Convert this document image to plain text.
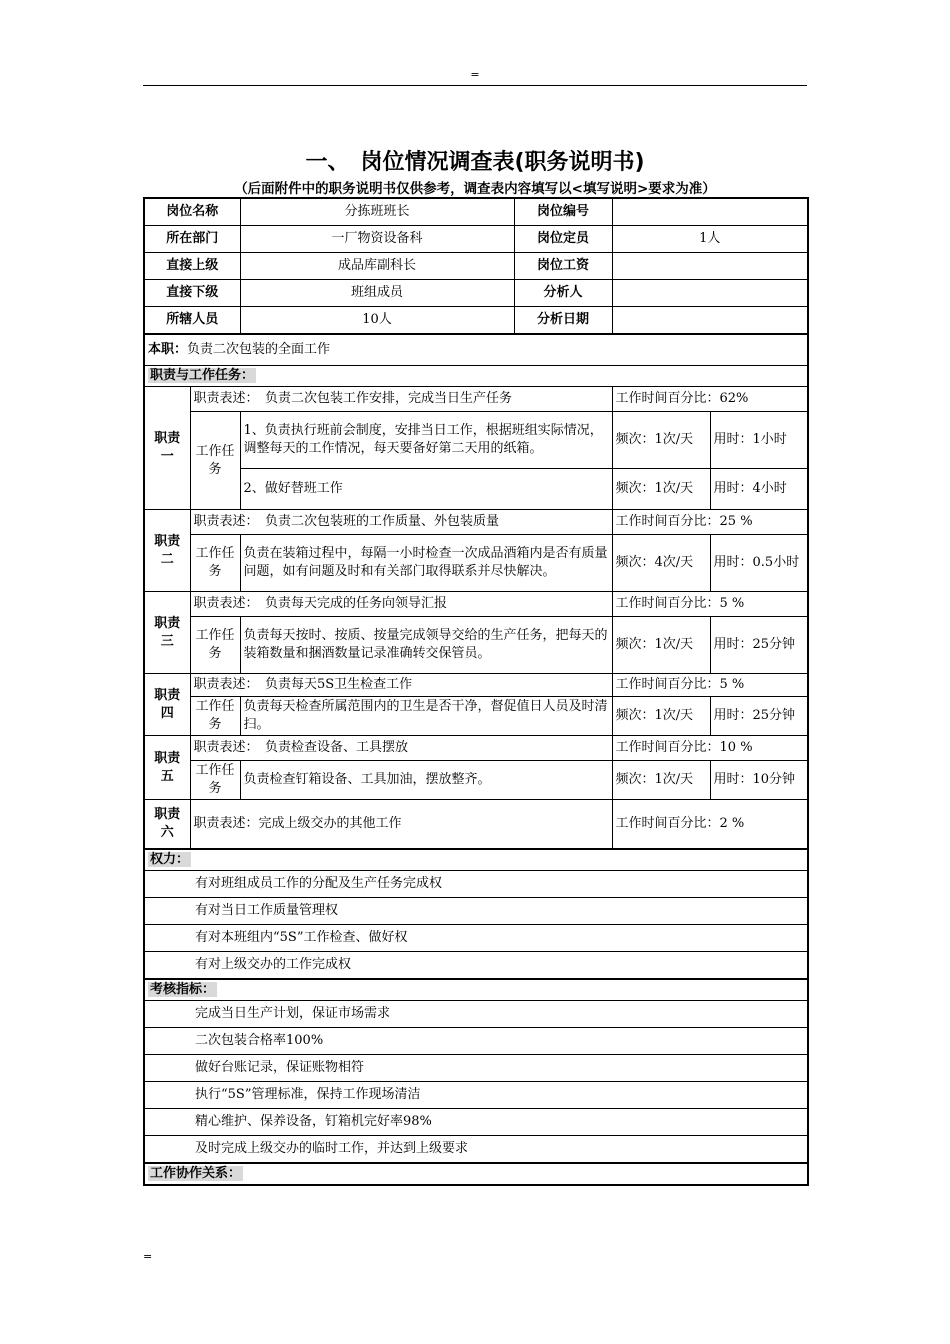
=
一、　岗位情况调查表(职务说明书)
（后面附件中的职务说明书仅供参考，调查表内容填写以<填写说明>要求为准）
岗位名称		分拣班班长	岗位编号		
所在部门		一厂物资设备科	岗位定员	1人	
直接上级		成品库副科长	岗位工资		
直接下级		班组成员	分析人		
所辖人员		10人	分析日期		
本职：负责二次包装的全面工作					
职责与工作任务：					
职责一	职责表述：　负责二次包装工作安排，完成当日生产任务			工作时间百分比：62%	
	工作任务	1、负责执行班前会制度，安排当日工作，根据班组实际情况，调整每天的工作情况，每天要备好第二天用的纸箱。		频次：1次/天	用时：1小时
		2、做好替班工作		频次：1次/天	用时：4小时
职责二	职责表述：　负责二次包装班的工作质量、外包装质量			工作时间百分比：25 %	
	工作任务	负责在装箱过程中，每隔一小时检查一次成品酒箱内是否有质量问题，如有问题及时和有关部门取得联系并尽快解决。		频次：4次/天	用时：0.5小时
职责三	职责表述：　负责每天完成的任务向领导汇报			工作时间百分比：5 %	
	工作任务	负责每天按时、按质、按量完成领导交给的生产任务，把每天的装箱数量和捆酒数量记录准确转交保管员。		频次：1次/天	用时：25分钟
职责四	职责表述：　负责每天5S卫生检查工作			工作时间百分比：5 %	
	工作任务	负责每天检查所属范围内的卫生是否干净，督促值日人员及时清扫。		频次：1次/天	用时：25分钟
职责五	职责表述：　负责检查设备、工具摆放			工作时间百分比：10 %	
	工作任务	负责检查钉箱设备、工具加油，摆放整齐。		频次：1次/天	用时：10分钟
职责六	职责表述：完成上级交办的其他工作			工作时间百分比：2 %	
权力：					
有对班组成员工作的分配及生产任务完成权					
有对当日工作质量管理权					
有对本班组内“5S”工作检查、做好权					
有对上级交办的工作完成权					
考核指标：					
完成当日生产计划，保证市场需求					
二次包装合格率100%					
做好台账记录，保证账物相符					
执行“5S”管理标准，保持工作现场清洁					
精心维护、保养设备，钉箱机完好率98%					
及时完成上级交办的临时工作，并达到上级要求					
工作协作关系：					
=
